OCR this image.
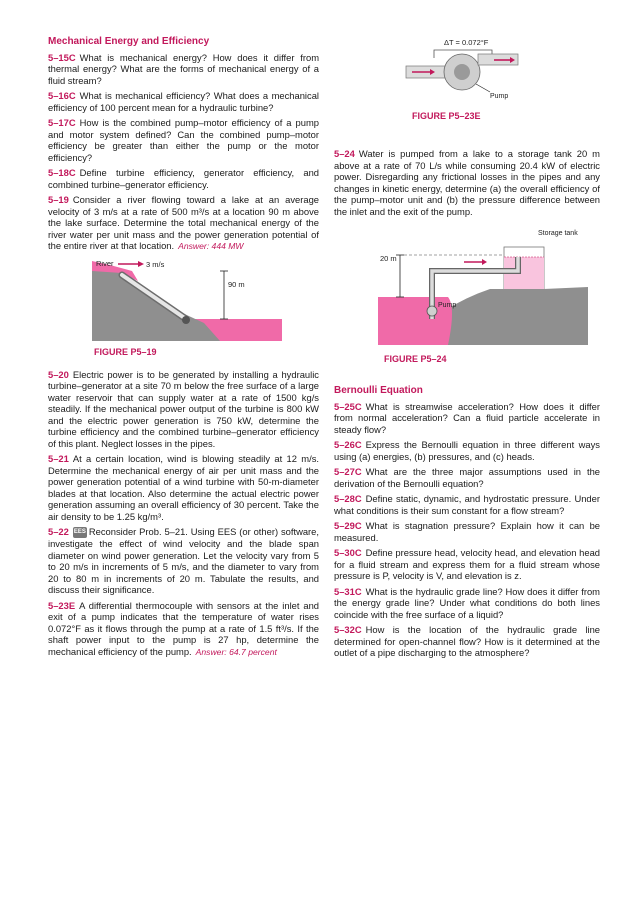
Mechanical Energy and Efficiency
5–15C What is mechanical energy? How does it differ from thermal energy? What are the forms of mechanical energy of a fluid stream?
5–16C What is mechanical efficiency? What does a mechanical efficiency of 100 percent mean for a hydraulic turbine?
5–17C How is the combined pump–motor efficiency of a pump and motor system defined? Can the combined pump–motor efficiency be greater than either the pump or the motor efficiency?
5–18C Define turbine efficiency, generator efficiency, and combined turbine–generator efficiency.
5–19 Consider a river flowing toward a lake at an average velocity of 3 m/s at a rate of 500 m³/s at a location 90 m above the lake surface. Determine the total mechanical energy of the river water per unit mass and the power generation potential of the entire river at that location. Answer: 444 MW
90 m
River	3 m/s
FIGURE P5–19
5–20 Electric power is to be generated by installing a hydraulic turbine–generator at a site 70 m below the free surface of a large water reservoir that can supply water at a rate of 1500 kg/s steadily. If the mechanical power output of the turbine is 800 kW and the electric power generation is 750 kW, determine the turbine efficiency and the combined turbine–generator efficiency of this plant. Neglect losses in the pipes.
5–21 At a certain location, wind is blowing steadily at 12 m/s. Determine the mechanical energy of air per unit mass and the power generation potential of a wind turbine with 50-m-diameter blades at that location. Also determine the actual electric power generation assuming an overall efficiency of 30 percent. Take the air density to be 1.25 kg/m³.
5–22 EES Reconsider Prob. 5–21. Using EES (or other) software, investigate the effect of wind velocity and the blade span diameter on wind power generation. Let the velocity vary from 5 to 20 m/s in increments of 5 m/s, and the diameter to vary from 20 to 80 m in increments of 20 m. Tabulate the results, and discuss their significance.
5–23E A differential thermocouple with sensors at the inlet and exit of a pump indicates that the temperature of water rises 0.072°F as it flows through the pump at a rate of 1.5 ft³/s. If the shaft power input to the pump is 27 hp, determine the mechanical efficiency of the pump. Answer: 64.7 percent
ΔT = 0.072°F
Pump
FIGURE P5–23E
5–24 Water is pumped from a lake to a storage tank 20 m above at a rate of 70 L/s while consuming 20.4 kW of electric power. Disregarding any frictional losses in the pipes and any changes in kinetic energy, determine (a) the overall efficiency of the pump–motor unit and (b) the pressure difference between the inlet and the exit of the pump.
Storage tank
Pump
20 m
FIGURE P5–24
Bernoulli Equation
5–25C What is streamwise acceleration? How does it differ from normal acceleration? Can a fluid particle accelerate in steady flow?
5–26C Express the Bernoulli equation in three different ways using (a) energies, (b) pressures, and (c) heads.
5–27C What are the three major assumptions used in the derivation of the Bernoulli equation?
5–28C Define static, dynamic, and hydrostatic pressure. Under what conditions is their sum constant for a flow stream?
5–29C What is stagnation pressure? Explain how it can be measured.
5–30C Define pressure head, velocity head, and elevation head for a fluid stream and express them for a fluid stream whose pressure is P, velocity is V, and elevation is z.
5–31C What is the hydraulic grade line? How does it differ from the energy grade line? Under what conditions do both lines coincide with the free surface of a liquid?
5–32C How is the location of the hydraulic grade line determined for open-channel flow? How is it determined at the outlet of a pipe discharging to the atmosphere?
